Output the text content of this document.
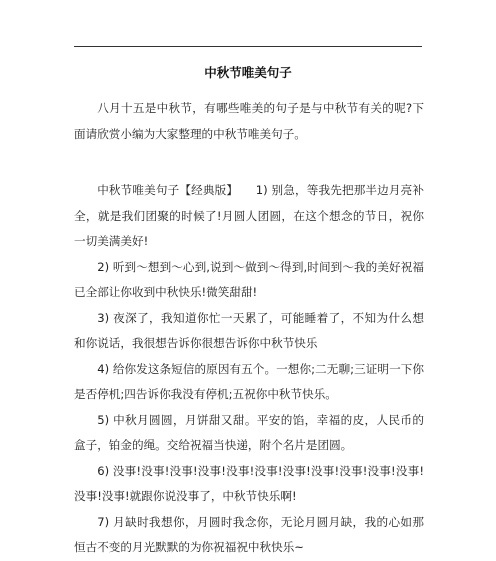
中秋节唯美句子

八月十五是中秋节，有哪些唯美的句子是与中秋节有关的呢?下面请欣赏小编为大家整理的中秋节唯美句子。

中秋节唯美句子【经典版】　　1) 别急，等我先把那半边月亮补全，就是我们团聚的时候了!月圆人团圆，在这个想念的节日，祝你一切美满美好!

2) 听到～想到～心到,说到～做到～得到,时间到～我的美好祝福已全部让你收到中秋快乐!微笑甜甜!

3) 夜深了，我知道你忙一天累了，可能睡着了，不知为什么想和你说话，我很想告诉你很想告诉你中秋节快乐

4) 给你发这条短信的原因有五个。一想你;二无聊;三证明一下你是否停机;四告诉你我没有停机;五祝你中秋节快乐。

5) 中秋月圆圆，月饼甜又甜。平安的馅，幸福的皮，人民币的盒子，铂金的绳。交给祝福当快递，附个名片是团圆。

6) 没事!没事!没事!没事!没事!没事!没事!没事!没事!没事!没事!没事!没事!就跟你说没事了，中秋节快乐啊!

7) 月缺时我想你，月圆时我念你，无论月圆月缺，我的心如那恒古不变的月光默默的为你祝福祝中秋快乐~
